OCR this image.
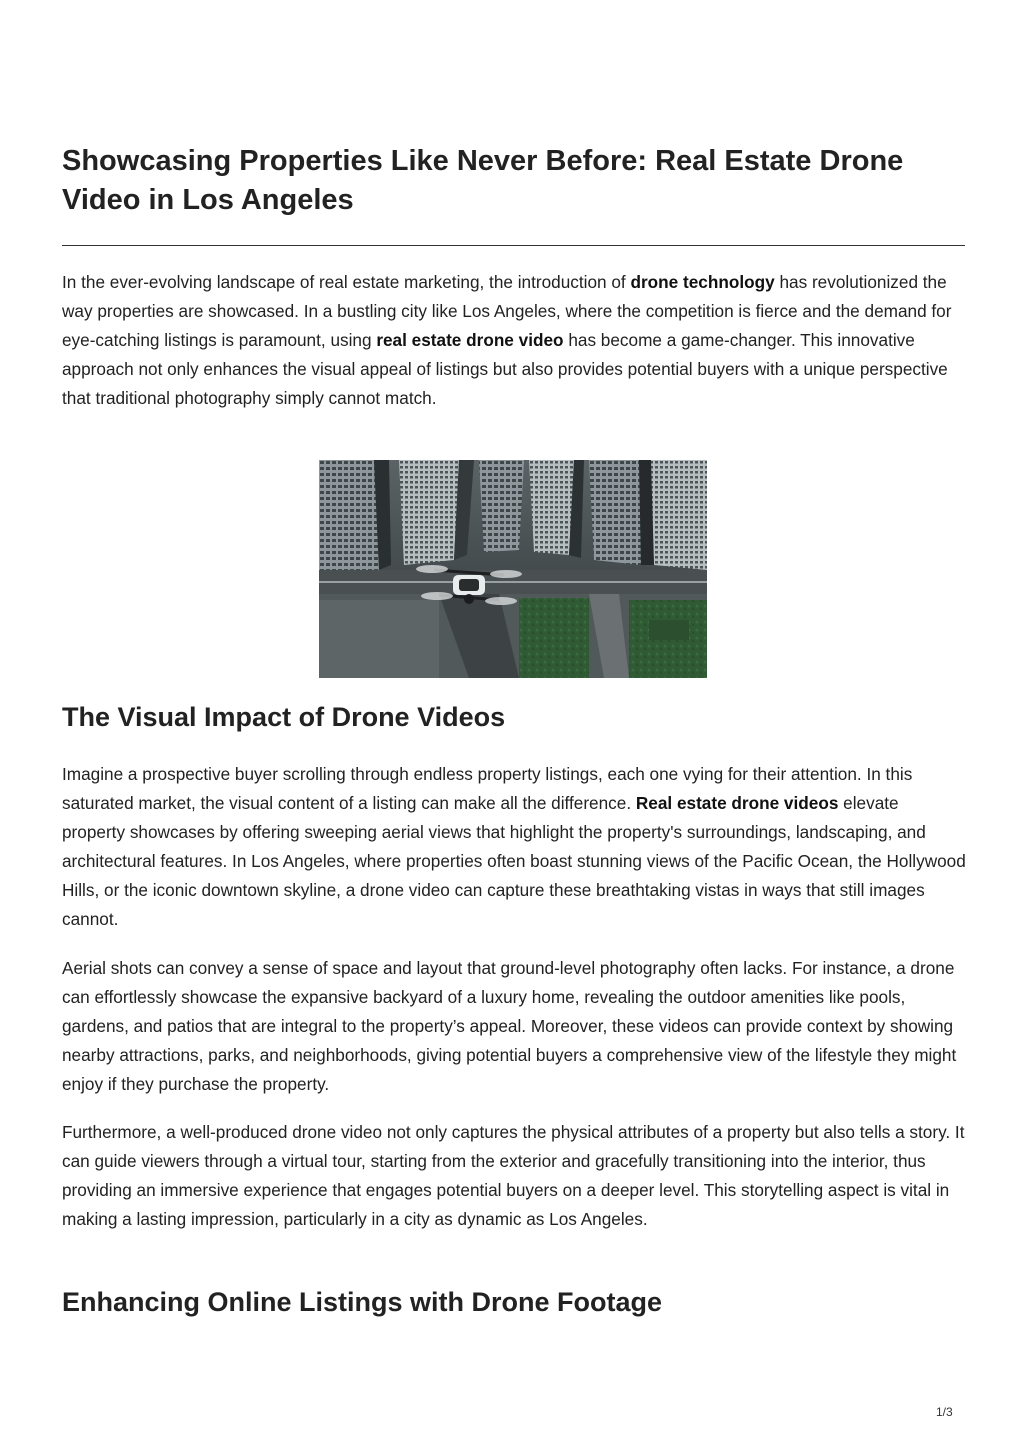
Showcasing Properties Like Never Before: Real Estate Drone Video in Los Angeles

In the ever-evolving landscape of real estate marketing, the introduction of drone technology has revolutionized the way properties are showcased. In a bustling city like Los Angeles, where the competition is fierce and the demand for eye-catching listings is paramount, using real estate drone video has become a game-changer. This innovative approach not only enhances the visual appeal of listings but also provides potential buyers with a unique perspective that traditional photography simply cannot match.

The Visual Impact of Drone Videos

Imagine a prospective buyer scrolling through endless property listings, each one vying for their attention. In this saturated market, the visual content of a listing can make all the difference. Real estate drone videos elevate property showcases by offering sweeping aerial views that highlight the property's surroundings, landscaping, and architectural features. In Los Angeles, where properties often boast stunning views of the Pacific Ocean, the Hollywood Hills, or the iconic downtown skyline, a drone video can capture these breathtaking vistas in ways that still images cannot.

Aerial shots can convey a sense of space and layout that ground-level photography often lacks. For instance, a drone can effortlessly showcase the expansive backyard of a luxury home, revealing the outdoor amenities like pools, gardens, and patios that are integral to the property’s appeal. Moreover, these videos can provide context by showing nearby attractions, parks, and neighborhoods, giving potential buyers a comprehensive view of the lifestyle they might enjoy if they purchase the property.

Furthermore, a well-produced drone video not only captures the physical attributes of a property but also tells a story. It can guide viewers through a virtual tour, starting from the exterior and gracefully transitioning into the interior, thus providing an immersive experience that engages potential buyers on a deeper level. This storytelling aspect is vital in making a lasting impression, particularly in a city as dynamic as Los Angeles.

Enhancing Online Listings with Drone Footage
1/3
